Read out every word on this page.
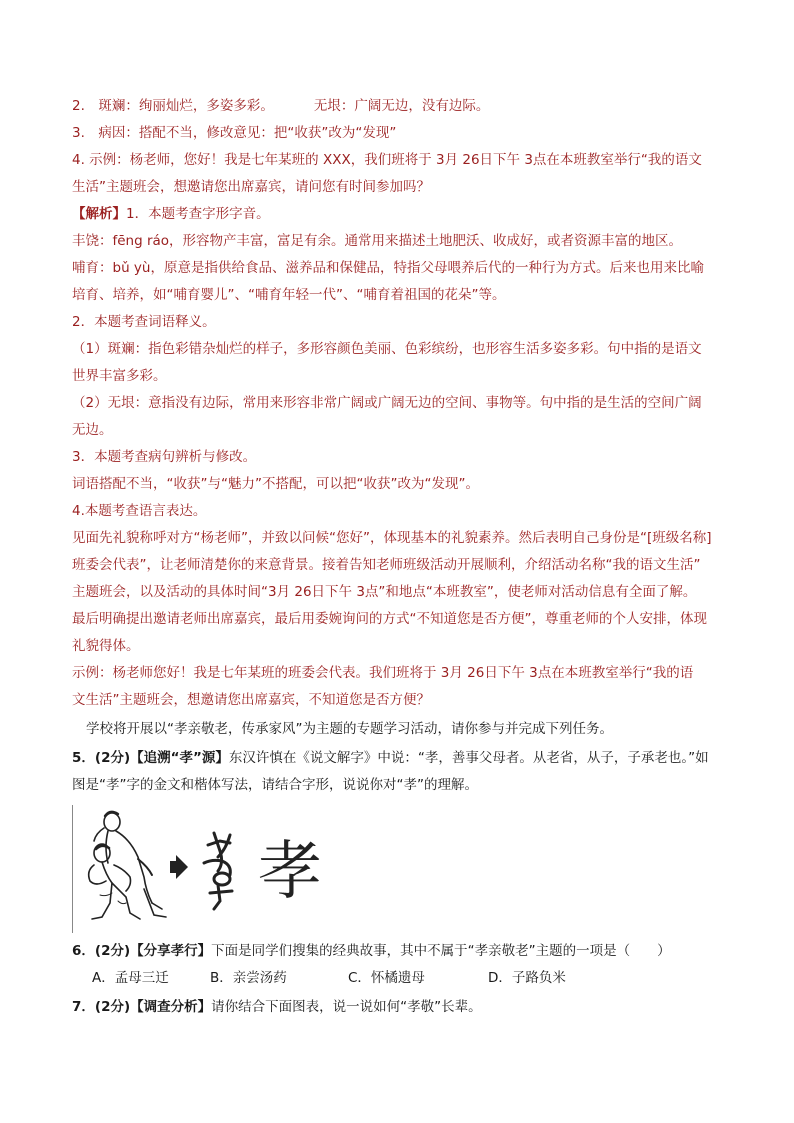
2.　斑斓：绚丽灿烂，多姿多彩。	无垠：广阔无边，没有边际。
3.　病因：搭配不当，修改意见：把“收获”改为“发现”
4. 示例：杨老师，您好！我是七年某班的 XXX，我们班将于 3月 26日下午 3点在本班教室举行“我的语文
生活”主题班会，想邀请您出席嘉宾，请问您有时间参加吗？
【解析】1．本题考查字形字音。
丰饶：fēng ráo，形容物产丰富，富足有余。通常用来描述土地肥沃、收成好，或者资源丰富的地区。
哺育：bǔ yù，原意是指供给食品、滋养品和保健品，特指父母喂养后代的一种行为方式。后来也用来比喻
培育、培养，如“哺育婴儿”、“哺育年轻一代”、“哺育着祖国的花朵”等。
2．本题考查词语释义。
（1）斑斓：指色彩错杂灿烂的样子，多形容颜色美丽、色彩缤纷，也形容生活多姿多彩。句中指的是语文
世界丰富多彩。
（2）无垠：意指没有边际，常用来形容非常广阔或广阔无边的空间、事物等。句中指的是生活的空间广阔
无边。
3．本题考查病句辨析与修改。
词语搭配不当，“收获”与“魅力”不搭配，可以把“收获”改为“发现”。
4.本题考查语言表达。
见面先礼貌称呼对方“杨老师”，并致以问候“您好”，体现基本的礼貌素养。然后表明自己身份是“[班级名称]
班委会代表”，让老师清楚你的来意背景。接着告知老师班级活动开展顺利，介绍活动名称“我的语文生活”
主题班会，以及活动的具体时间“3月 26日下午 3点”和地点“本班教室”，使老师对活动信息有全面了解。
最后明确提出邀请老师出席嘉宾，最后用委婉询问的方式“不知道您是否方便”，尊重老师的个人安排，体现
礼貌得体。
示例：杨老师您好！我是七年某班的班委会代表。我们班将于 3月 26日下午 3点在本班教室举行“我的语
文生活”主题班会，想邀请您出席嘉宾，不知道您是否方便？
学校将开展以“孝亲敬老，传承家风”为主题的专题学习活动，请你参与并完成下列任务。
5．(2分)【追溯“孝”源】东汉许慎在《说文解字》中说：“孝，善事父母者。从老省，从子，子承老也。”如
图是“孝”字的金文和楷体写法，请结合字形，说说你对“孝”的理解。
孝
6．(2分)【分享孝行】下面是同学们搜集的经典故事，其中不属于“孝亲敬老”主题的一项是（　　）
A．孟母三迁	B．亲尝汤药	C．怀橘遗母	D．子路负米
7．(2分)【调查分析】请你结合下面图表，说一说如何“孝敬”长辈。
